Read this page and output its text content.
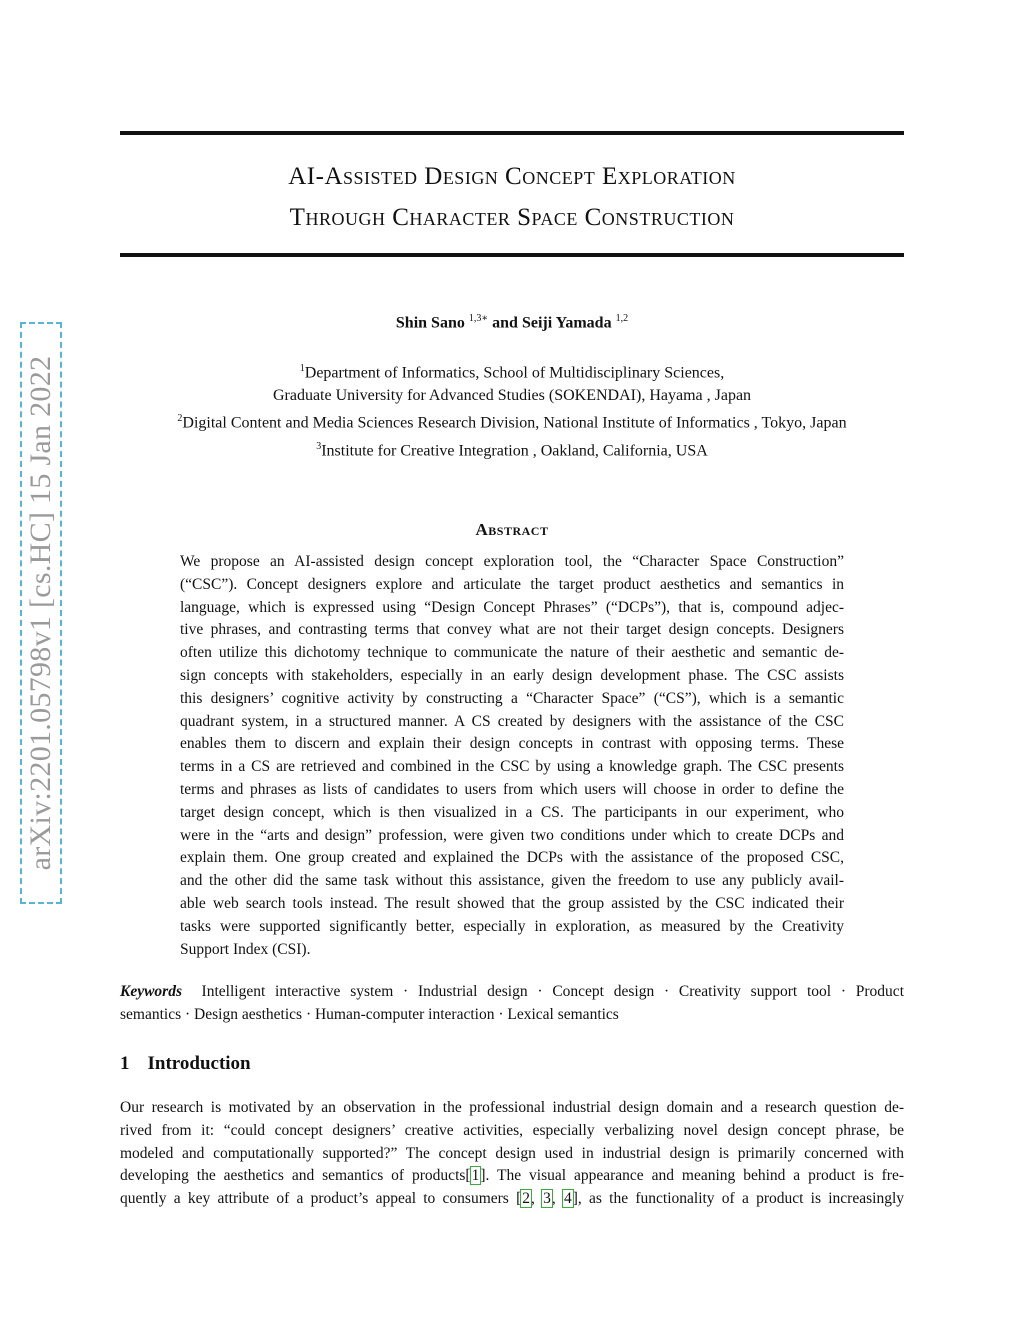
arXiv:2201.05798v1 [cs.HC] 15 Jan 2022
AI-Assisted Design Concept Exploration
Through Character Space Construction
Shin Sano $^{1,3∗}$ and Seiji Yamada $^{1,2}$
$^1$Department of Informatics, School of Multidisciplinary Sciences,
Graduate University for Advanced Studies (SOKENDAI), Hayama , Japan
$^2$Digital Content and Media Sciences Research Division, National Institute of Informatics , Tokyo, Japan
$^3$Institute for Creative Integration , Oakland, California, USA
Abstract
We propose an AI-assisted design concept exploration tool, the “Character Space Construction”
(“CSC”). Concept designers explore and articulate the target product aesthetics and semantics in
language, which is expressed using “Design Concept Phrases” (“DCPs”), that is, compound adjec-
tive phrases, and contrasting terms that convey what are not their target design concepts. Designers
often utilize this dichotomy technique to communicate the nature of their aesthetic and semantic de-
sign concepts with stakeholders, especially in an early design development phase. The CSC assists
this designers’ cognitive activity by constructing a “Character Space” (“CS”), which is a semantic
quadrant system, in a structured manner. A CS created by designers with the assistance of the CSC
enables them to discern and explain their design concepts in contrast with opposing terms. These
terms in a CS are retrieved and combined in the CSC by using a knowledge graph. The CSC presents
terms and phrases as lists of candidates to users from which users will choose in order to define the
target design concept, which is then visualized in a CS. The participants in our experiment, who
were in the “arts and design” profession, were given two conditions under which to create DCPs and
explain them. One group created and explained the DCPs with the assistance of the proposed CSC,
and the other did the same task without this assistance, given the freedom to use any publicly avail-
able web search tools instead. The result showed that the group assisted by the CSC indicated their
tasks were supported significantly better, especially in exploration, as measured by the Creativity
Support Index (CSI).
Keywords Intelligent interactive system · Industrial design · Concept design · Creativity support tool · Product
semantics · Design aesthetics · Human-computer interaction · Lexical semantics
1 Introduction
Our research is motivated by an observation in the professional industrial design domain and a research question de-
rived from it: “could concept designers’ creative activities, especially verbalizing novel design concept phrase, be
modeled and computationally supported?” The concept design used in industrial design is primarily concerned with
developing the aesthetics and semantics of products[1]. The visual appearance and meaning behind a product is fre-
quently a key attribute of a product’s appeal to consumers [2, 3, 4], as the functionality of a product is increasingly
